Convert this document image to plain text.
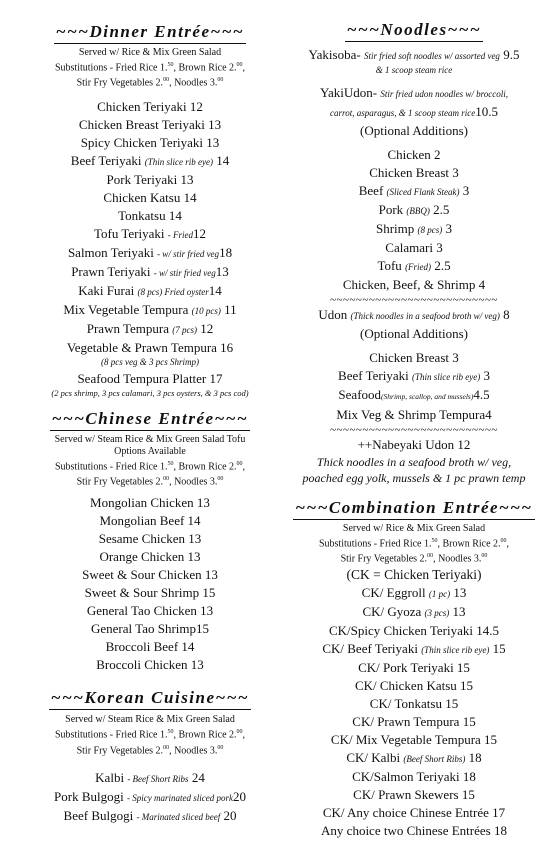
~~~Dinner Entrée~~~
Served w/ Rice & Mix Green Salad
Substitutions - Fried Rice 1.50, Brown Rice 2.00,
Stir Fry Vegetables 2.00, Noodles 3.00
Chicken Teriyaki 12
Chicken Breast Teriyaki 13
Spicy Chicken Teriyaki 13
Beef Teriyaki (Thin slice rib eye) 14
Pork Teriyaki 13
Chicken Katsu 14
Tonkatsu 14
Tofu Teriyaki - Fried12
Salmon Teriyaki - w/ stir fried veg18
Prawn Teriyaki - w/ stir fried veg13
Kaki Furai (8 pcs) Fried oyster14
Mix Vegetable Tempura (10 pcs) 11
Prawn Tempura (7 pcs) 12
Vegetable & Prawn Tempura 16
(8 pcs veg & 3 pcs Shrimp)
Seafood Tempura Platter 17
(2 pcs shrimp, 3 pcs calamari, 3 pcs oysters, & 3 pcs cod)
~~~Chinese Entrée~~~
Served w/ Steam Rice & Mix Green Salad Tofu
Options Available
Substitutions - Fried Rice 1.50, Brown Rice 2.00,
Stir Fry Vegetables 2.00, Noodles 3.00
Mongolian Chicken 13
Mongolian Beef 14
Sesame Chicken 13
Orange Chicken 13
Sweet & Sour Chicken 13
Sweet & Sour Shrimp 15
General Tao Chicken 13
General Tao Shrimp15
Broccoli Beef 14
Broccoli Chicken 13
~~~Korean Cuisine~~~
Served w/ Steam Rice & Mix Green Salad
Substitutions - Fried Rice 1.50, Brown Rice 2.00,
Stir Fry Vegetables 2.00, Noodles 3.00
Kalbi - Beef Short Ribs 24
Pork Bulgogi - Spicy marinated sliced pork20
Beef Bulgogi - Marinated sliced beef 20
~~~Noodles~~~
Yakisoba- Stir fried soft noodles w/ assorted veg 9.5
& 1 scoop steam rice
YakiUdon- Stir fried udon noodles w/ broccoli,
carrot, asparagus, & 1 scoop steam rice10.5
(Optional Additions)
Chicken 2
Chicken Breast 3
Beef (Sliced Flank Steak) 3
Pork (BBQ) 2.5
Shrimp (8 pcs) 3
Calamari 3
Tofu (Fried) 2.5
Chicken, Beef, & Shrimp 4
~~~~~~~~~~~~~~~~~~~~~~~~~~
Udon (Thick noodles in a seafood broth w/ veg) 8
(Optional Additions)
Chicken Breast 3
Beef Teriyaki (Thin slice rib eye) 3
Seafood(Shrimp, scallop, and mussels)4.5
Mix Veg & Shrimp Tempura4
~~~~~~~~~~~~~~~~~~~~~~~~~~
++Nabeyaki Udon 12
Thick noodles in a seafood broth w/ veg,
poached egg yolk, mussels & 1 pc prawn temp
~~~Combination Entrée~~~
Served w/ Rice & Mix Green Salad
Substitutions - Fried Rice 1.50, Brown Rice 2.00,
Stir Fry Vegetables 2.00, Noodles 3.00
(CK = Chicken Teriyaki)
CK/ Eggroll (1 pc) 13
CK/ Gyoza (3 pcs) 13
CK/Spicy Chicken Teriyaki 14.5
CK/ Beef Teriyaki (Thin slice rib eye) 15
CK/ Pork Teriyaki 15
CK/ Chicken Katsu 15
CK/ Tonkatsu 15
CK/ Prawn Tempura 15
CK/ Mix Vegetable Tempura 15
CK/ Kalbi (Beef Short Ribs) 18
CK/Salmon Teriyaki 18
CK/ Prawn Skewers 15
CK/ Any choice Chinese Entrée 17
Any choice two Chinese Entrées 18
